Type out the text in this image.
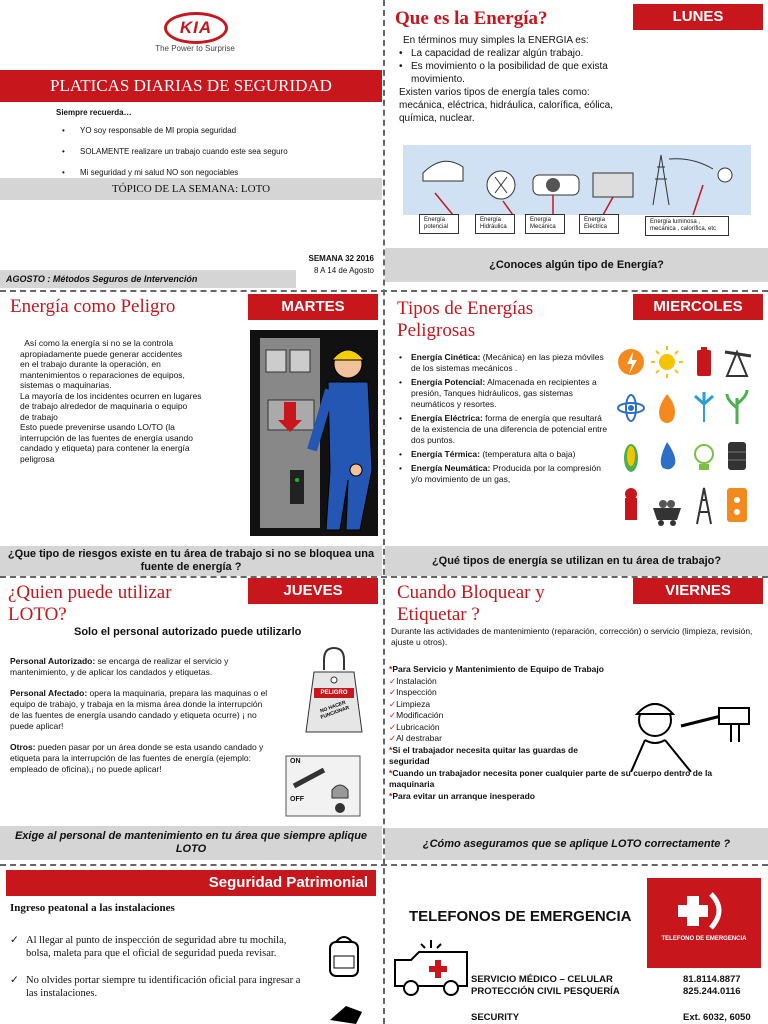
KIA
The Power to Surprise
PLATICAS DIARIAS DE SEGURIDAD
Siempre recuerda…
• YO soy responsable de MI propia seguridad
• SOLAMENTE realizare un trabajo cuando este sea seguro
• Mi seguridad y mi salud NO son negociables
TÓPICO DE LA SEMANA: LOTO
SEMANA 32 2016
8 A 14 de Agosto
AGOSTO : Métodos Seguros de Intervención
Que es la Energía?	LUNES
En términos muy simples la ENERGIA es:
• La capacidad de realizar algún trabajo.
• Es movimiento o la posibilidad de que exista movimiento.
Existen varios tipos de energía tales como: mecánica, eléctrica, hidráulica, calorífica, eólica, química, nuclear.
Energía potencial
Energía Hidráulica
Energía Mecánica
Energía Eléctrica
Energía luminosa , mecánica , calorífica, etc
¿Conoces algún tipo de Energía?
Energía como Peligro	MARTES
Así como la energía si no se la controla
apropiadamente puede generar accidentes
en el trabajo durante la operación, en
mantenimientos o reparaciones de equipos,
sistemas o maquinarias.
La mayoría de los incidentes ocurren en lugares
de trabajo alrededor de maquinaria o equipo
de trabajo
Esto puede prevenirse usando LO/TO (la
interrupción de las fuentes de energía usando
candado y etiqueta) para contener la energía
peligrosa
¿Que tipo de riesgos existe en tu área de trabajo si no se bloquea una fuente de energía ?
Tipos de Energías Peligrosas
MIERCOLES
• Energía Cinética: (Mecánica) en las pieza móviles de los sistemas mecánicos .
• Energía Potencial: Almacenada en recipientes a presión, Tanques hidráulicos, gas sistemas neumáticos y resortes.
• Energía Eléctrica: forma de energía que resultará de la existencia de una diferencia de potencial entre dos puntos.
• Energía Térmica: (temperatura alta o baja)
• Energía Neumática: Producida por la compresión y/o movimiento de un gas,
¿Qué tipos de energía se utilizan en tu área de trabajo?
¿Quien puede utilizar LOTO?
JUEVES
Solo el personal autorizado puede utilizarlo
Personal Autorizado: se encarga de realizar el servicio y mantenimiento, y de aplicar los candados y etiquetas.
Personal Afectado: opera la maquinaria, prepara las maquinas o el equipo de trabajo, y trabaja en la misma área donde la interrupción de las fuentes de energía usando candado y etiqueta ocurre) ¡ no puede aplicar!
Otros: pueden pasar por un área donde se esta usando candado y etiqueta para la interrupción de las fuentes de energía (ejemplo: empleado de oficina),¡ no puede aplicar!
PELIGRO
NO HACER FUNCIONAR
ON
OFF
Exige al personal de mantenimiento en tu área que siempre aplique LOTO
Cuando Bloquear y Etiquetar ?
VIERNES
Durante las actividades de mantenimiento (reparación, corrección) o servicio (limpieza, revisión, ajuste u otros).
*Para Servicio y Mantenimiento de Equipo de Trabajo
✓Instalación
✓Inspección
✓Limpieza
✓Modificación
✓Lubricación
✓Al destrabar
*Si el trabajador necesita quitar las guardas de seguridad
*Cuando un trabajador necesita poner cualquier parte de su cuerpo dentro de la maquinaria
*Para evitar un arranque inesperado
¿Cómo aseguramos que se aplique LOTO correctamente ?
Seguridad Patrimonial
Ingreso peatonal a las instalaciones
✓ Al llegar al punto de inspección de seguridad abre tu mochila, bolsa, maleta para que el oficial de seguridad pueda revisar.
✓ No olvides portar siempre tu identificación oficial para ingresar a las instalaciones.
TELEFONOS DE EMERGENCIA
TELEFONO DE EMERGENCIA
SERVICIO MÉDICO – CELULAR	81.8114.8877
PROTECCIÓN CIVIL PESQUERÍA	825.244.0116
SECURITY	Ext. 6032, 6050
